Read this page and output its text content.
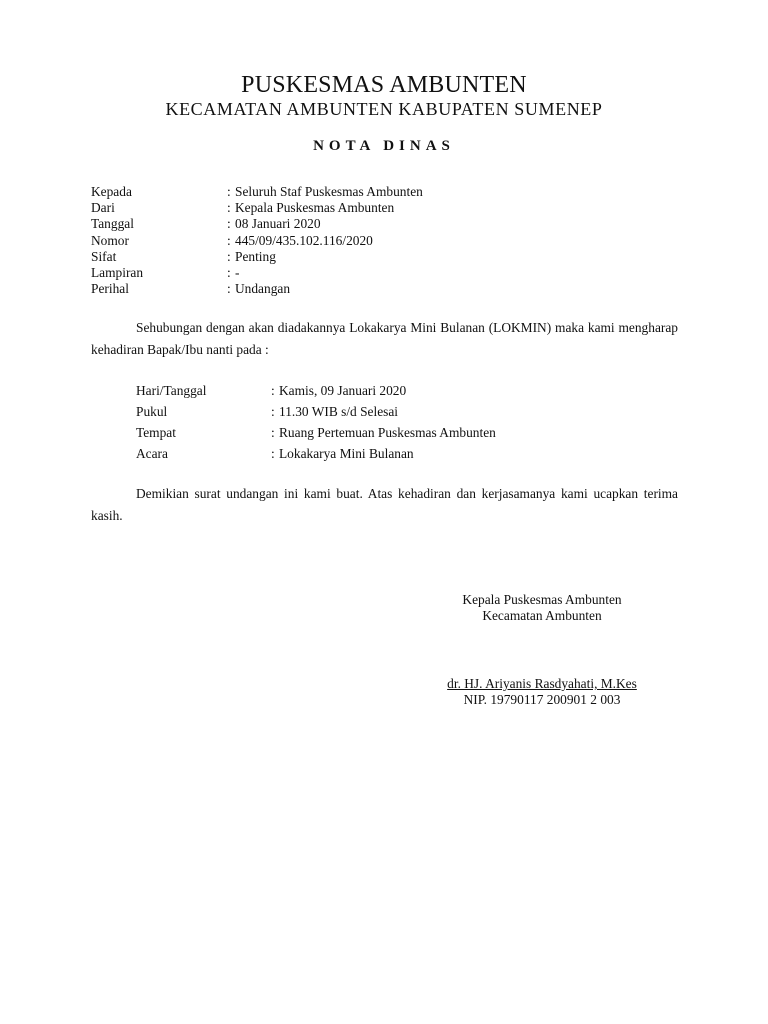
PUSKESMAS AMBUNTEN
KECAMATAN AMBUNTEN KABUPATEN SUMENEP
NOTA DINAS
Kepada	: Seluruh Staf Puskesmas Ambunten
Dari	: Kepala Puskesmas Ambunten
Tanggal	: 08 Januari 2020
Nomor	: 445/09/435.102.116/2020
Sifat	: Penting
Lampiran	: -
Perihal	: Undangan

Sehubungan dengan akan diadakannya Lokakarya Mini Bulanan (LOKMIN) maka kami mengharap kehadiran Bapak/Ibu nanti pada :

Hari/Tanggal	: Kamis, 09 Januari 2020
Pukul	: 11.30 WIB s/d Selesai
Tempat	: Ruang Pertemuan Puskesmas Ambunten
Acara	: Lokakarya Mini Bulanan

Demikian surat undangan ini kami buat. Atas kehadiran dan kerjasamanya kami ucapkan terima kasih.

Kepala Puskesmas Ambunten
Kecamatan Ambunten
dr. HJ. Ariyanis Rasdyahati, M.Kes
NIP. 19790117 200901 2 003
